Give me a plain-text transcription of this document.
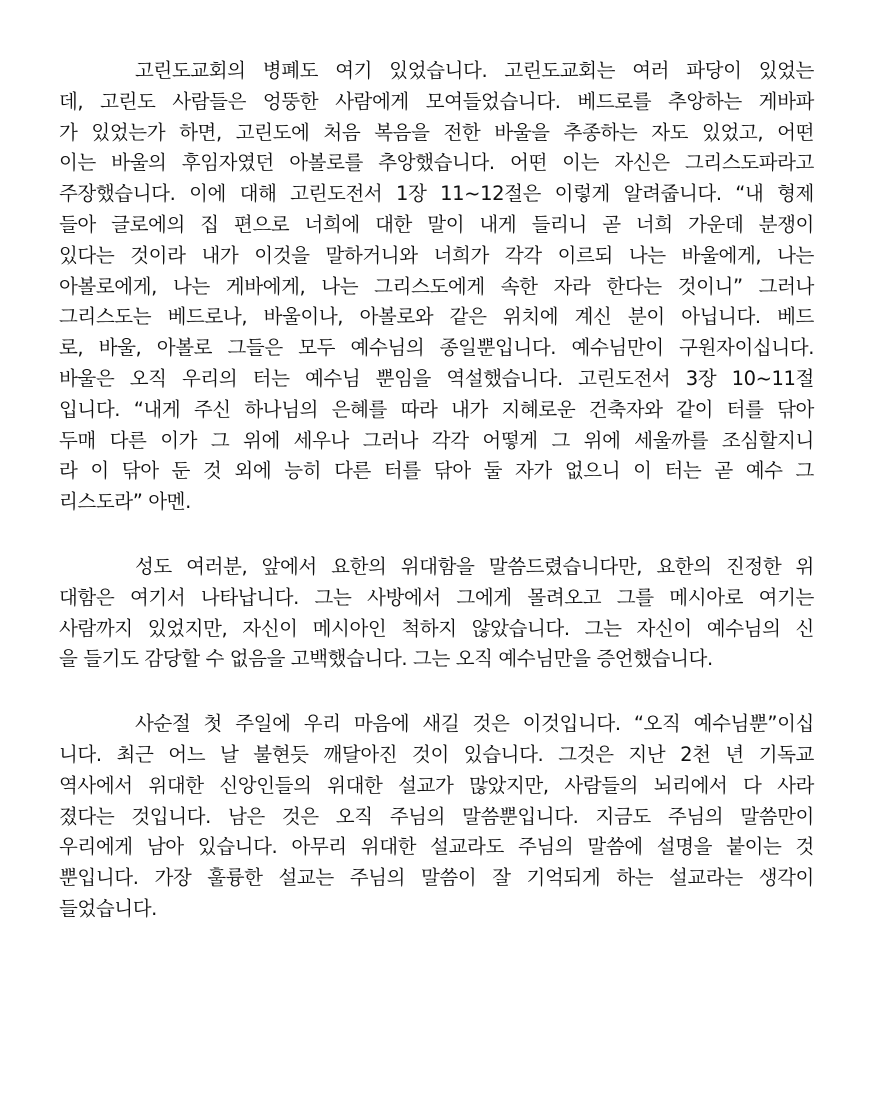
고린도교회의 병폐도 여기 있었습니다. 고린도교회는 여러 파당이 있었는
데, 고린도 사람들은 엉뚱한 사람에게 모여들었습니다. 베드로를 추앙하는 게바파
가 있었는가 하면, 고린도에 처음 복음을 전한 바울을 추종하는 자도 있었고, 어떤
이는 바울의 후임자였던 아볼로를 추앙했습니다. 어떤 이는 자신은 그리스도파라고
주장했습니다. 이에 대해 고린도전서 1장 11~12절은 이렇게 알려줍니다. “내 형제
들아 글로에의 집 편으로 너희에 대한 말이 내게 들리니 곧 너희 가운데 분쟁이
있다는 것이라 내가 이것을 말하거니와 너희가 각각 이르되 나는 바울에게, 나는
아볼로에게, 나는 게바에게, 나는 그리스도에게 속한 자라 한다는 것이니” 그러나
그리스도는 베드로나, 바울이나, 아볼로와 같은 위치에 계신 분이 아닙니다. 베드
로, 바울, 아볼로 그들은 모두 예수님의 종일뿐입니다. 예수님만이 구원자이십니다.
바울은 오직 우리의 터는 예수님 뿐임을 역설했습니다. 고린도전서 3장 10~11절
입니다. “내게 주신 하나님의 은혜를 따라 내가 지혜로운 건축자와 같이 터를 닦아
두매 다른 이가 그 위에 세우나 그러나 각각 어떻게 그 위에 세울까를 조심할지니
라 이 닦아 둔 것 외에 능히 다른 터를 닦아 둘 자가 없으니 이 터는 곧 예수 그
리스도라” 아멘.
성도 여러분, 앞에서 요한의 위대함을 말씀드렸습니다만, 요한의 진정한 위
대함은 여기서 나타납니다. 그는 사방에서 그에게 몰려오고 그를 메시아로 여기는
사람까지 있었지만, 자신이 메시아인 척하지 않았습니다. 그는 자신이 예수님의 신
을 들기도 감당할 수 없음을 고백했습니다. 그는 오직 예수님만을 증언했습니다.
사순절 첫 주일에 우리 마음에 새길 것은 이것입니다. “오직 예수님뿐”이십
니다. 최근 어느 날 불현듯 깨달아진 것이 있습니다. 그것은 지난 2천 년 기독교
역사에서 위대한 신앙인들의 위대한 설교가 많았지만, 사람들의 뇌리에서 다 사라
졌다는 것입니다. 남은 것은 오직 주님의 말씀뿐입니다. 지금도 주님의 말씀만이
우리에게 남아 있습니다. 아무리 위대한 설교라도 주님의 말씀에 설명을 붙이는 것
뿐입니다. 가장 훌륭한 설교는 주님의 말씀이 잘 기억되게 하는 설교라는 생각이
들었습니다.
